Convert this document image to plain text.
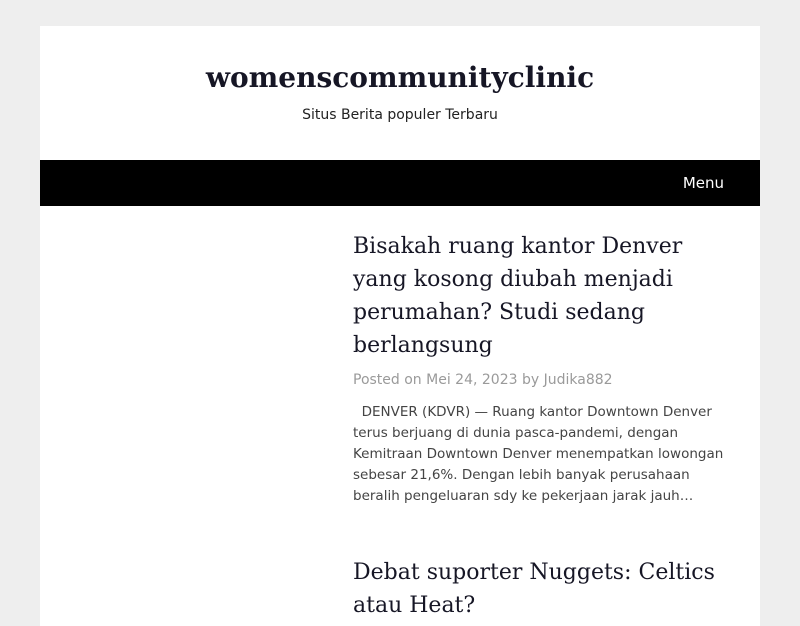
womenscommunityclinic
Situs Berita populer Terbaru
Menu
Bisakah ruang kantor Denver yang kosong diubah menjadi perumahan? Studi sedang berlangsung
Posted on Mei 24, 2023 by Judika882
DENVER (KDVR) — Ruang kantor Downtown Denver terus berjuang di dunia pasca-pandemi, dengan Kemitraan Downtown Denver menempatkan lowongan sebesar 21,6%. Dengan lebih banyak perusahaan beralih pengeluaran sdy ke pekerjaan jarak jauh…
Debat suporter Nuggets: Celtics atau Heat?
